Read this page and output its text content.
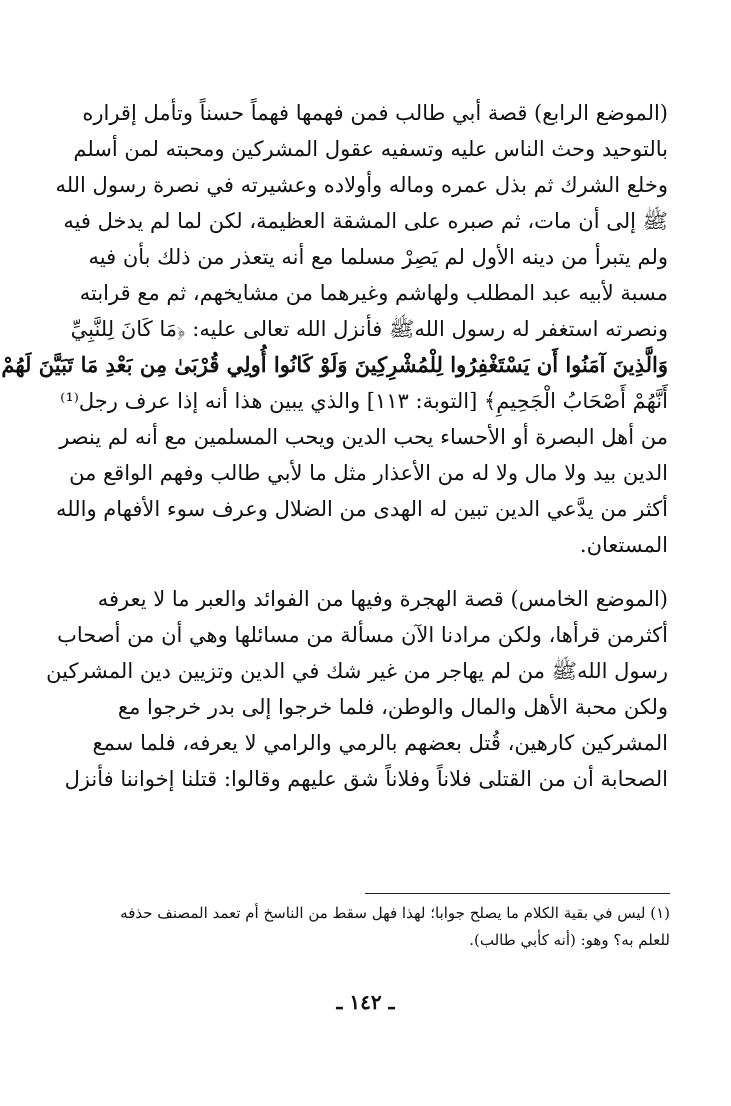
(الموضع الرابع) قصة أبي طالب فمن فهمها فهماً حسناً وتأمل إقراره
بالتوحيد وحث الناس عليه وتسفيه عقول المشركين ومحبته لمن أسلم
وخلع الشرك ثم بذل عمره وماله وأولاده وعشيرته في نصرة رسول الله
ﷺ إلى أن مات، ثم صبره على المشقة العظيمة، لكن لما لم يدخل فيه
ولم يتبرأ من دينه الأول لم يَصِرْ مسلما مع أنه يتعذر من ذلك بأن فيه
مسبة لأبيه عبد المطلب ولهاشم وغيرهما من مشايخهم، ثم مع قرابته
ونصرته استغفر له رسول اللهﷺ فأنزل الله تعالى عليه: ﴿مَا كَانَ لِلنَّبِيِّ
وَالَّذِينَ آمَنُوا أَن يَسْتَغْفِرُوا لِلْمُشْرِكِينَ وَلَوْ كَانُوا أُولِي قُرْبَىٰ مِن بَعْدِ مَا تَبَيَّنَ لَهُمْ
أَنَّهُمْ أَصْحَابُ الْجَحِيمِ﴾ [التوبة: ١١٣] والذي يبين هذا أنه إذا عرف رجل⁽¹⁾
من أهل البصرة أو الأحساء يحب الدين ويحب المسلمين مع أنه لم ينصر
الدين بيد ولا مال ولا له من الأعذار مثل ما لأبي طالب وفهم الواقع من
أكثر من يدَّعي الدين تبين له الهدى من الضلال وعرف سوء الأفهام والله
المستعان.
(الموضع الخامس) قصة الهجرة وفيها من الفوائد والعبر ما لا يعرفه
أكثرمن قرأها، ولكن مرادنا الآن مسألة من مسائلها وهي أن من أصحاب
رسول اللهﷺ من لم يهاجر من غير شك في الدين وتزيين دين المشركين
ولكن محبة الأهل والمال والوطن، فلما خرجوا إلى بدر خرجوا مع
المشركين كارهين، قُتل بعضهم بالرمي والرامي لا يعرفه، فلما سمع
الصحابة أن من القتلى فلاناً وفلاناً شق عليهم وقالوا: قتلنا إخواننا فأنزل
(١) ليس في بقية الكلام ما يصلح جوابا؛ لهذا فهل سقط من الناسخ أم تعمد المصنف حذفه
للعلم به؟ وهو: (أنه كأبي طالب).
ـ ١٤٢ ـ
